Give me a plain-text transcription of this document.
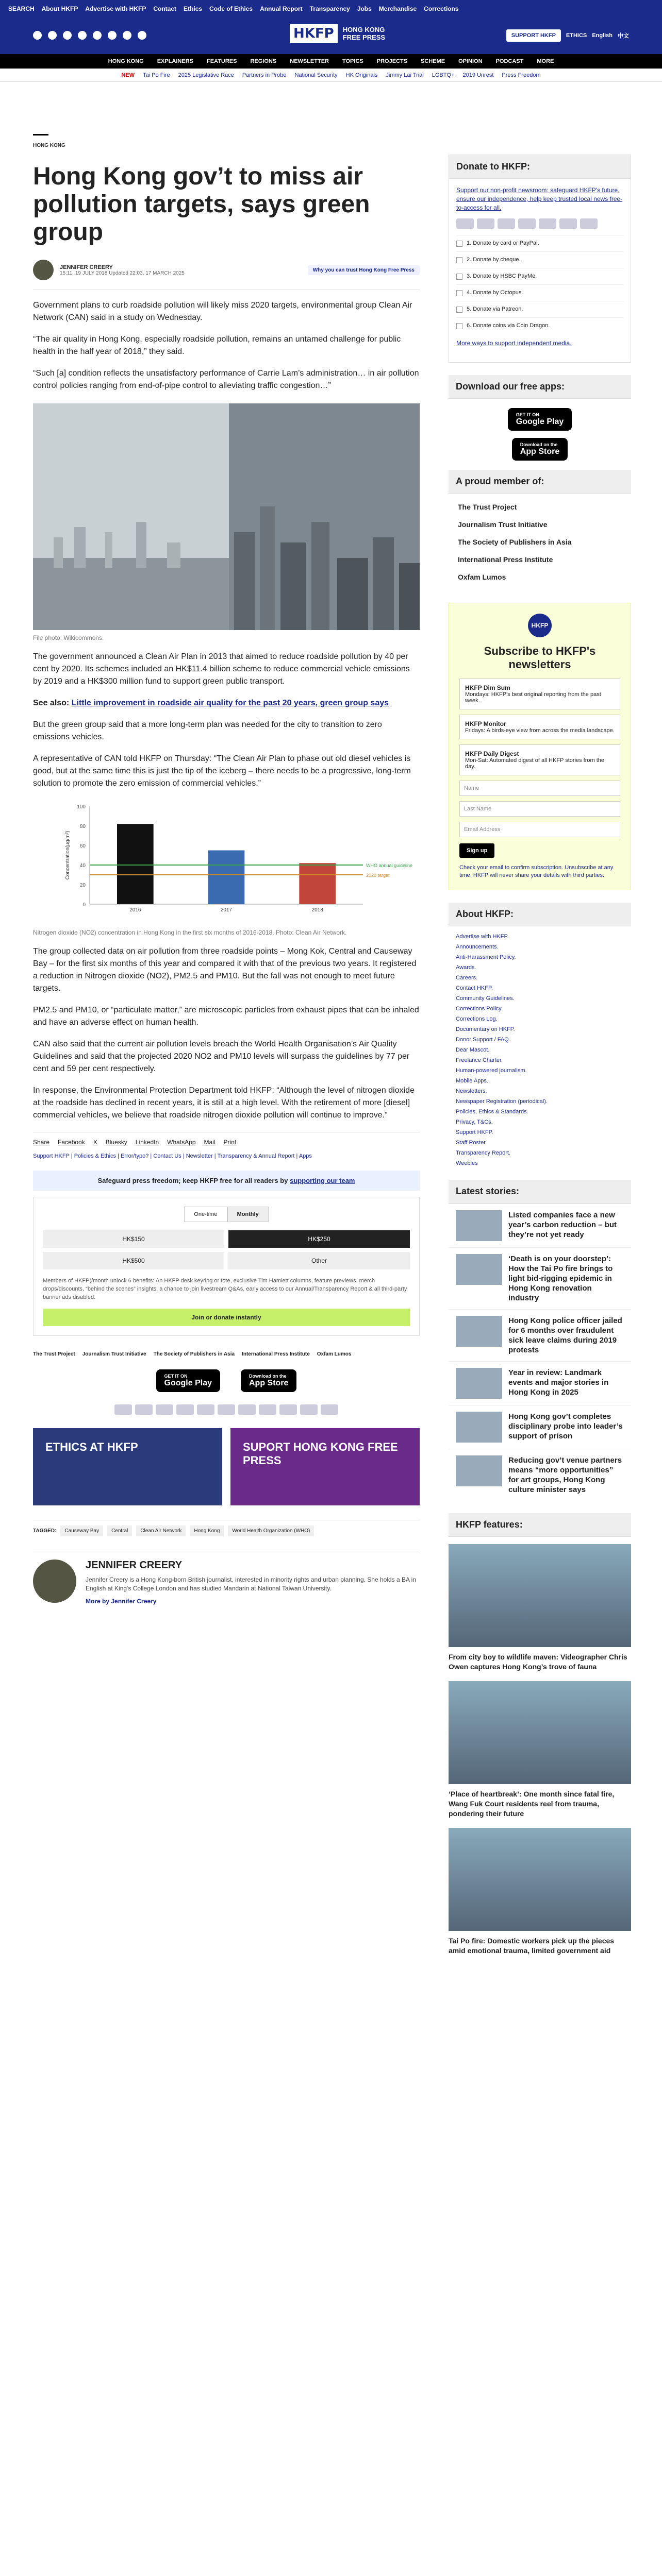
SEARCH About HKFP Advertise with HKFP Contact Ethics Code of Ethics Annual Report Transparency Jobs Merchandise Corrections
HKFP	HONG KONG
FREE PRESS	SUPPORT HKFP	ETHICS English 中文
HONG KONG EXPLAINERS FEATURES REGIONS NEWSLETTER TOPICS PROJECTS SCHEME OPINION PODCAST MORE
NEW Tai Po Fire 2025 Legislative Race Partners in Probe National Security HK Originals Jimmy Lai Trial LGBTQ+ 2019 Unrest Press Freedom
HONG KONG
Hong Kong gov’t to miss air pollution targets, says green group
JENNIFER CREERY
15:11, 19 JULY 2018 Updated 22:03, 17 MARCH 2025
Why you can trust Hong Kong Free Press

Government plans to curb roadside pollution will likely miss 2020 targets, environmental group Clean Air Network (CAN) said in a study on Wednesday.

“The air quality in Hong Kong, especially roadside pollution, remains an untamed challenge for public health in the half year of 2018,” they said.

“Such [a] condition reflects the unsatisfactory performance of Carrie Lam’s administration… in air pollution control policies ranging from end-of-pipe control to alleviating traffic congestion…”

File photo: Wikicommons.

The government announced a Clean Air Plan in 2013 that aimed to reduce roadside pollution by 40 per cent by 2020. Its schemes included an HK$11.4 billion scheme to reduce commercial vehicle emissions by 2019 and a HK$300 million fund to support green public transport.

See also: Little improvement in roadside air quality for the past 20 years, green group says

But the green group said that a more long-term plan was needed for the city to transition to zero emissions vehicles.

A representative of CAN told HKFP on Thursday: “The Clean Air Plan to phase out old diesel vehicles is good, but at the same time this is just the tip of the iceberg – there needs to be a progressive, long-term solution to promote the zero emission of commercial vehicles.”

0
20
40
60
80
100
Concentration(μg/m³)
2016	2017	2018
WHO annual guideline
2020 target
Nitrogen dioxide (NO2) concentration in Hong Kong in the first six months of 2016-2018. Photo: Clean Air Network.

The group collected data on air pollution from three roadside points – Mong Kok, Central and Causeway Bay – for the first six months of this year and compared it with that of the previous two years. It registered a reduction in Nitrogen dioxide (NO2), PM2.5 and PM10. But the fall was not enough to meet future targets.

PM2.5 and PM10, or “particulate matter,” are microscopic particles from exhaust pipes that can be inhaled and have an adverse effect on human health.

CAN also said that the current air pollution levels breach the World Health Organisation’s Air Quality Guidelines and said that the projected 2020 NO2 and PM10 levels will surpass the guidelines by 77 per cent and 59 per cent respectively.

In response, the Environmental Protection Department told HKFP: “Although the level of nitrogen dioxide at the roadside has declined in recent years, it is still at a high level. With the retirement of more [diesel] commercial vehicles, we believe that roadside nitrogen dioxide pollution will continue to improve.”

Share Facebook X Bluesky LinkedIn WhatsApp Mail Print
Support HKFP | Policies & Ethics | Error/typo? | Contact Us | Newsletter | Transparency & Annual Report | Apps
Safeguard press freedom; keep HKFP free for all readers by supporting our team
One-time	Monthly
HK$150	HK$250
HK$500	Other
Members of HKFP(/month unlock 6 benefits: An HKFP desk keyring or tote, exclusive Tim Hamlett columns, feature previews, merch drops/discounts, “behind the scenes” insights, a chance to join livestream Q&As, early access to our Annual/Transparency Report & all third-party banner ads disabled.
Join or donate instantly
The Trust Project Journalism Trust Initiative The Society of Publishers in Asia International Press Institute Oxfam Lumos
GET IT ON
Google Play
Download on the
App Store
ETHICS AT HKFP	SUPORT HONG KONG FREE PRESS
TAGGED:	Causeway Bay	Central	Clean Air Network	Hong Kong	World Health Organization (WHO)
JENNIFER CREERY

Jennifer Creery is a Hong Kong-born British journalist, interested in minority rights and urban planning. She holds a BA in English at King's College London and has studied Mandarin at National Taiwan University.

More by Jennifer Creery

Donate to HKFP:
Support our non-profit newsroom: safeguard HKFP's future, ensure our independence, help keep trusted local news free-to-access for all.
1. Donate by card or PayPal.
2. Donate by cheque.
3. Donate by HSBC PayMe.
4. Donate by Octopus.
5. Donate via Patreon.
6. Donate coins via Coin Dragon.
More ways to support independent media.
Download our free apps:
GET IT ON
Google Play
Download on the
App Store
A proud member of:
The Trust Project
Journalism Trust Initiative
The Society of Publishers in Asia
International Press Institute
Oxfam Lumos
HKFP
Subscribe to HKFP's newsletters
HKFP Dim Sum
Mondays: HKFP's best original reporting from the past week.
HKFP Monitor
Fridays: A birds-eye view from across the media landscape.
HKFP Daily Digest
Mon-Sat: Automated digest of all HKFP stories from the day.
Name
Last Name
Email Address
Sign up

Check your email to confirm subscription. Unsubscribe at any time. HKFP will never share your details with third parties.

About HKFP:
Advertise with HKFP.
Announcements.
Anti-Harassment Policy.
Awards.
Careers.
Contact HKFP.
Community Guidelines.
Corrections Policy.
Corrections Log.
Documentary on HKFP.
Donor Support / FAQ.
Dear Mascot.
Freelance Charter.
Human-powered journalism.
Mobile Apps.
Newsletters.
Newspaper Registration (periodical).
Policies, Ethics & Standards.
Privacy, T&Cs.
Support HKFP.
Staff Roster.
Transparency Report.
Weebles
Latest stories:
Listed companies face a new year’s carbon reduction – but they’re not yet ready
‘Death is on your doorstep’: How the Tai Po fire brings to light bid-rigging epidemic in Hong Kong renovation industry
Hong Kong police officer jailed for 6 months over fraudulent sick leave claims during 2019 protests
Year in review: Landmark events and major stories in Hong Kong in 2025
Hong Kong gov’t completes disciplinary probe into leader’s support of prison
Reducing gov’t venue partners means “more opportunities” for art groups, Hong Kong culture minister says
HKFP features:
From city boy to wildlife maven: Videographer Chris Owen captures Hong Kong’s trove of fauna
‘Place of heartbreak’: One month since fatal fire, Wang Fuk Court residents reel from trauma, pondering their future
Tai Po fire: Domestic workers pick up the pieces amid emotional trauma, limited government aid
